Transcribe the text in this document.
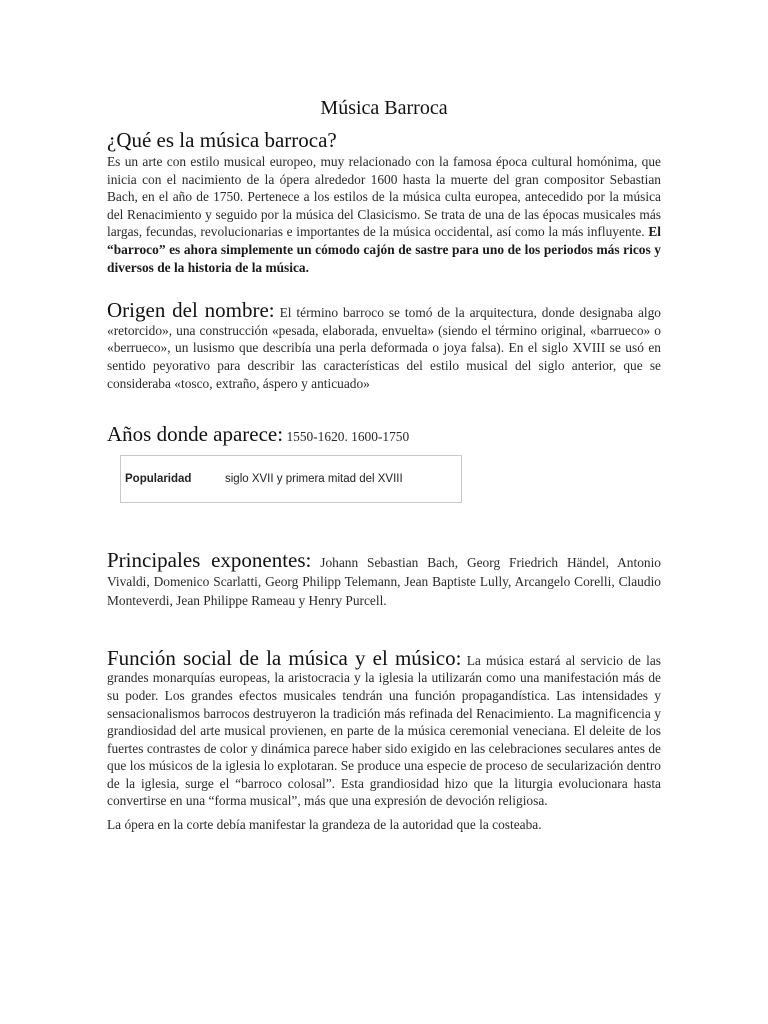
Música Barroca
¿Qué es la música barroca?

Es un arte con estilo musical europeo, muy relacionado con la famosa época cultural homónima, que inicia con el nacimiento de la ópera alrededor 1600 hasta la muerte del gran compositor Sebastian Bach, en el año de 1750. Pertenece a los estilos de la música culta europea, antecedido por la música del Renacimiento y seguido por la música del Clasicismo. Se trata de una de las épocas musicales más largas, fecundas, revolucionarias e importantes de la música occidental, así como la más influyente. El “barroco” es ahora simplemente un cómodo cajón de sastre para uno de los periodos más ricos y diversos de la historia de la música.

Origen del nombre: El término barroco se tomó de la arquitectura, donde designaba algo «retorcido», una construcción «pesada, elaborada, envuelta» (siendo el término original, «barrueco» o «berrueco», un lusismo que describía una perla deformada o joya falsa). En el siglo XVIII se usó en sentido peyorativo para describir las características del estilo musical del siglo anterior, que se consideraba «tosco, extraño, áspero y anticuado»

Años donde aparece: 1550-1620. 1600-1750

Popularidad	siglo XVII y primera mitad del XVIII

Principales exponentes: Johann Sebastian Bach, Georg Friedrich Händel, Antonio Vivaldi, Domenico Scarlatti, Georg Philipp Telemann, Jean Baptiste Lully, Arcangelo Corelli, Claudio Monteverdi, Jean Philippe Rameau y Henry Purcell.

Función social de la música y el músico: La música estará al servicio de las grandes monarquías europeas, la aristocracia y la iglesia la utilizarán como una manifestación más de su poder. Los grandes efectos musicales tendrán una función propagandística. Las intensidades y sensacionalismos barrocos destruyeron la tradición más refinada del Renacimiento. La magnificencia y grandiosidad del arte musical provienen, en parte de la música ceremonial veneciana. El deleite de los fuertes contrastes de color y dinámica parece haber sido exigido en las celebraciones seculares antes de que los músicos de la iglesia lo explotaran. Se produce una especie de proceso de secularización dentro de la iglesia, surge el “barroco colosal”. Esta grandiosidad hizo que la liturgia evolucionara hasta convertirse en una “forma musical”, más que una expresión de devoción religiosa.

La ópera en la corte debía manifestar la grandeza de la autoridad que la costeaba.
